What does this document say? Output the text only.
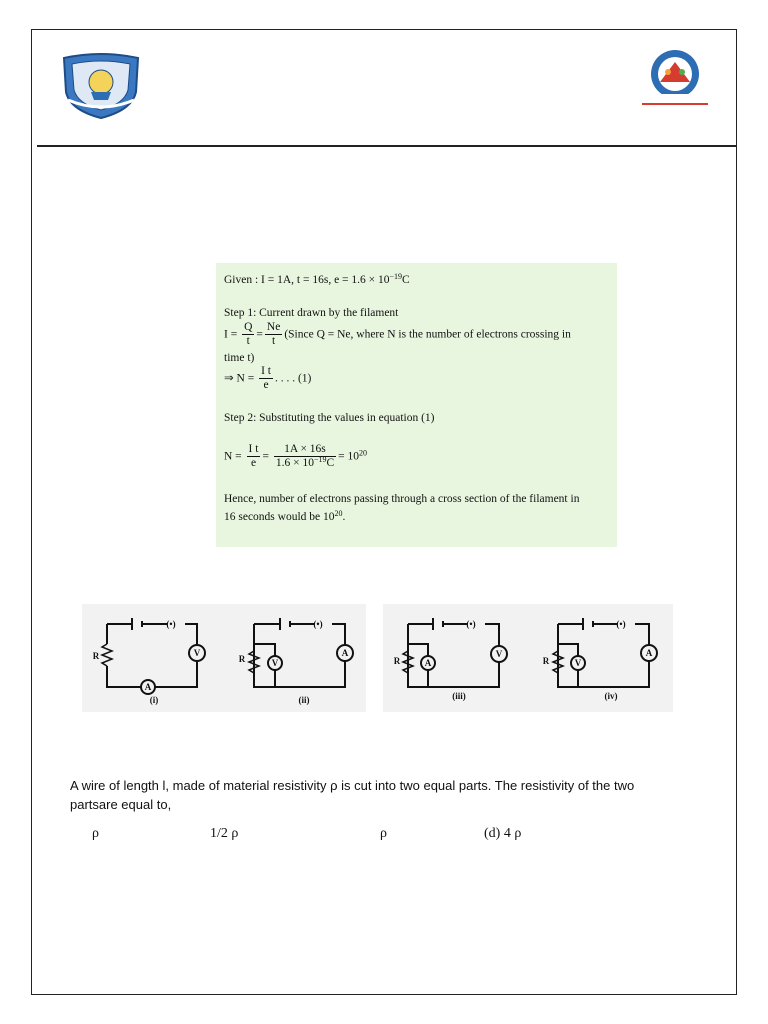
Given : I = 1A, t = 16s, $e = 1.6 \times 10^{-19}C$
Step 1: Current drawn by the filament
$I = \frac{Q}{t} = \frac{Ne}{t}$ (Since Q = Ne, where N is the number of electrons crossing in
time t)
⇒ $N = \frac{\text{I t}}{e}$ . . . . (1)
Step 2: Substituting the values in equation (1)
$N = \frac{\text{I t}}{e} = \frac{1A \times 16s}{1.6 \times 10^{-19}C} = 10^{20}$
Hence, number of electrons passing through a cross section of the filament in
16 seconds would be $10^{20}$.
(•)
V
A
R
(i)
(•)
V
A
R
(ii)
(•)
A
V
R
(iii)
(•)
V
A
R
(iv)
A wire of length l, made of material resistivity ρ is cut into two equal parts. The resistivity of the two partsare equal to,
ρ	1/2 ρ	ρ	(d) 4 ρ
